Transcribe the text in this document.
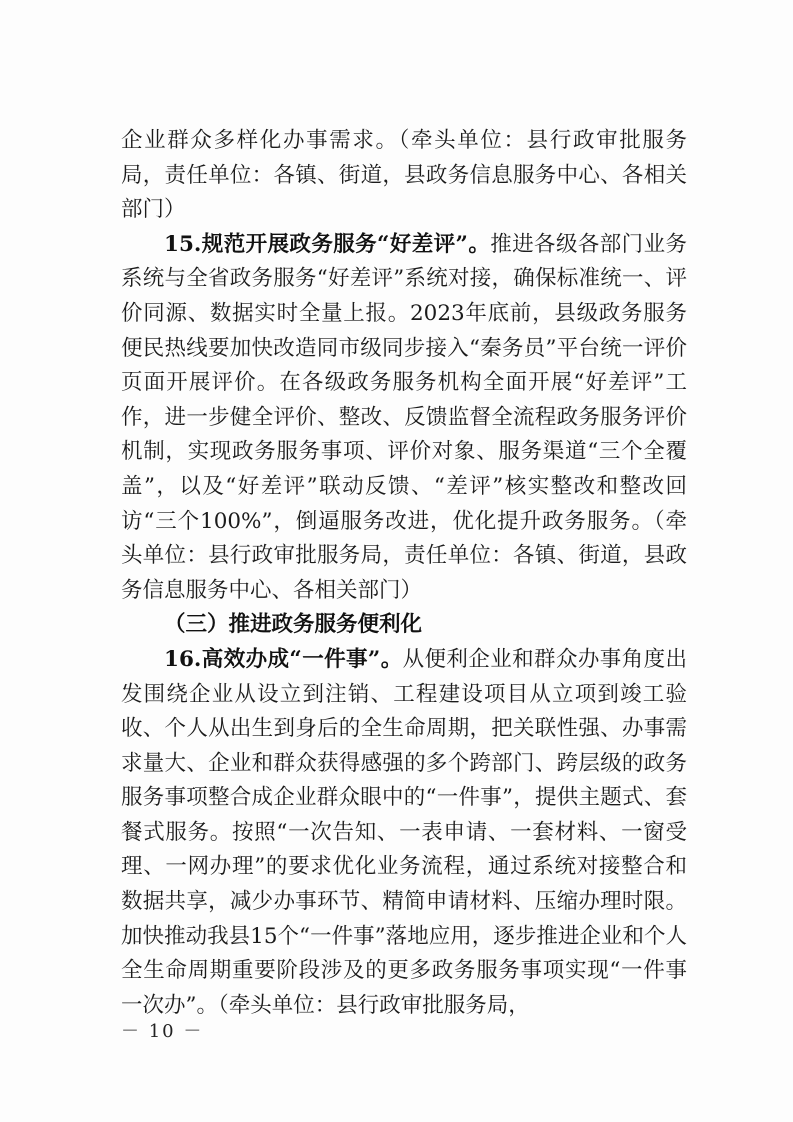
企业群众多样化办事需求。（牵头单位：县行政审批服务局，责任单位：各镇、街道，县政务信息服务中心、各相关部门）

15.规范开展政务服务“好差评”。推进各级各部门业务系统与全省政务服务“好差评”系统对接，确保标准统一、评价同源、数据实时全量上报。2023年底前，县级政务服务便民热线要加快改造同市级同步接入“秦务员”平台统一评价页面开展评价。在各级政务服务机构全面开展“好差评”工作，进一步健全评价、整改、反馈监督全流程政务服务评价机制，实现政务服务事项、评价对象、服务渠道“三个全覆盖”，以及“好差评”联动反馈、“差评”核实整改和整改回访“三个100%”，倒逼服务改进，优化提升政务服务。（牵头单位：县行政审批服务局，责任单位：各镇、街道，县政务信息服务中心、各相关部门）

（三）推进政务服务便利化

16.高效办成“一件事”。从便利企业和群众办事角度出发围绕企业从设立到注销、工程建设项目从立项到竣工验收、个人从出生到身后的全生命周期，把关联性强、办事需求量大、企业和群众获得感强的多个跨部门、跨层级的政务服务事项整合成企业群众眼中的“一件事”，提供主题式、套餐式服务。按照“一次告知、一表申请、一套材料、一窗受理、一网办理”的要求优化业务流程，通过系统对接整合和数据共享，减少办事环节、精简申请材料、压缩办理时限。加快推动我县15个“一件事”落地应用，逐步推进企业和个人全生命周期重要阶段涉及的更多政务服务事项实现“一件事一次办”。（牵头单位：县行政审批服务局，

－ 10 －
